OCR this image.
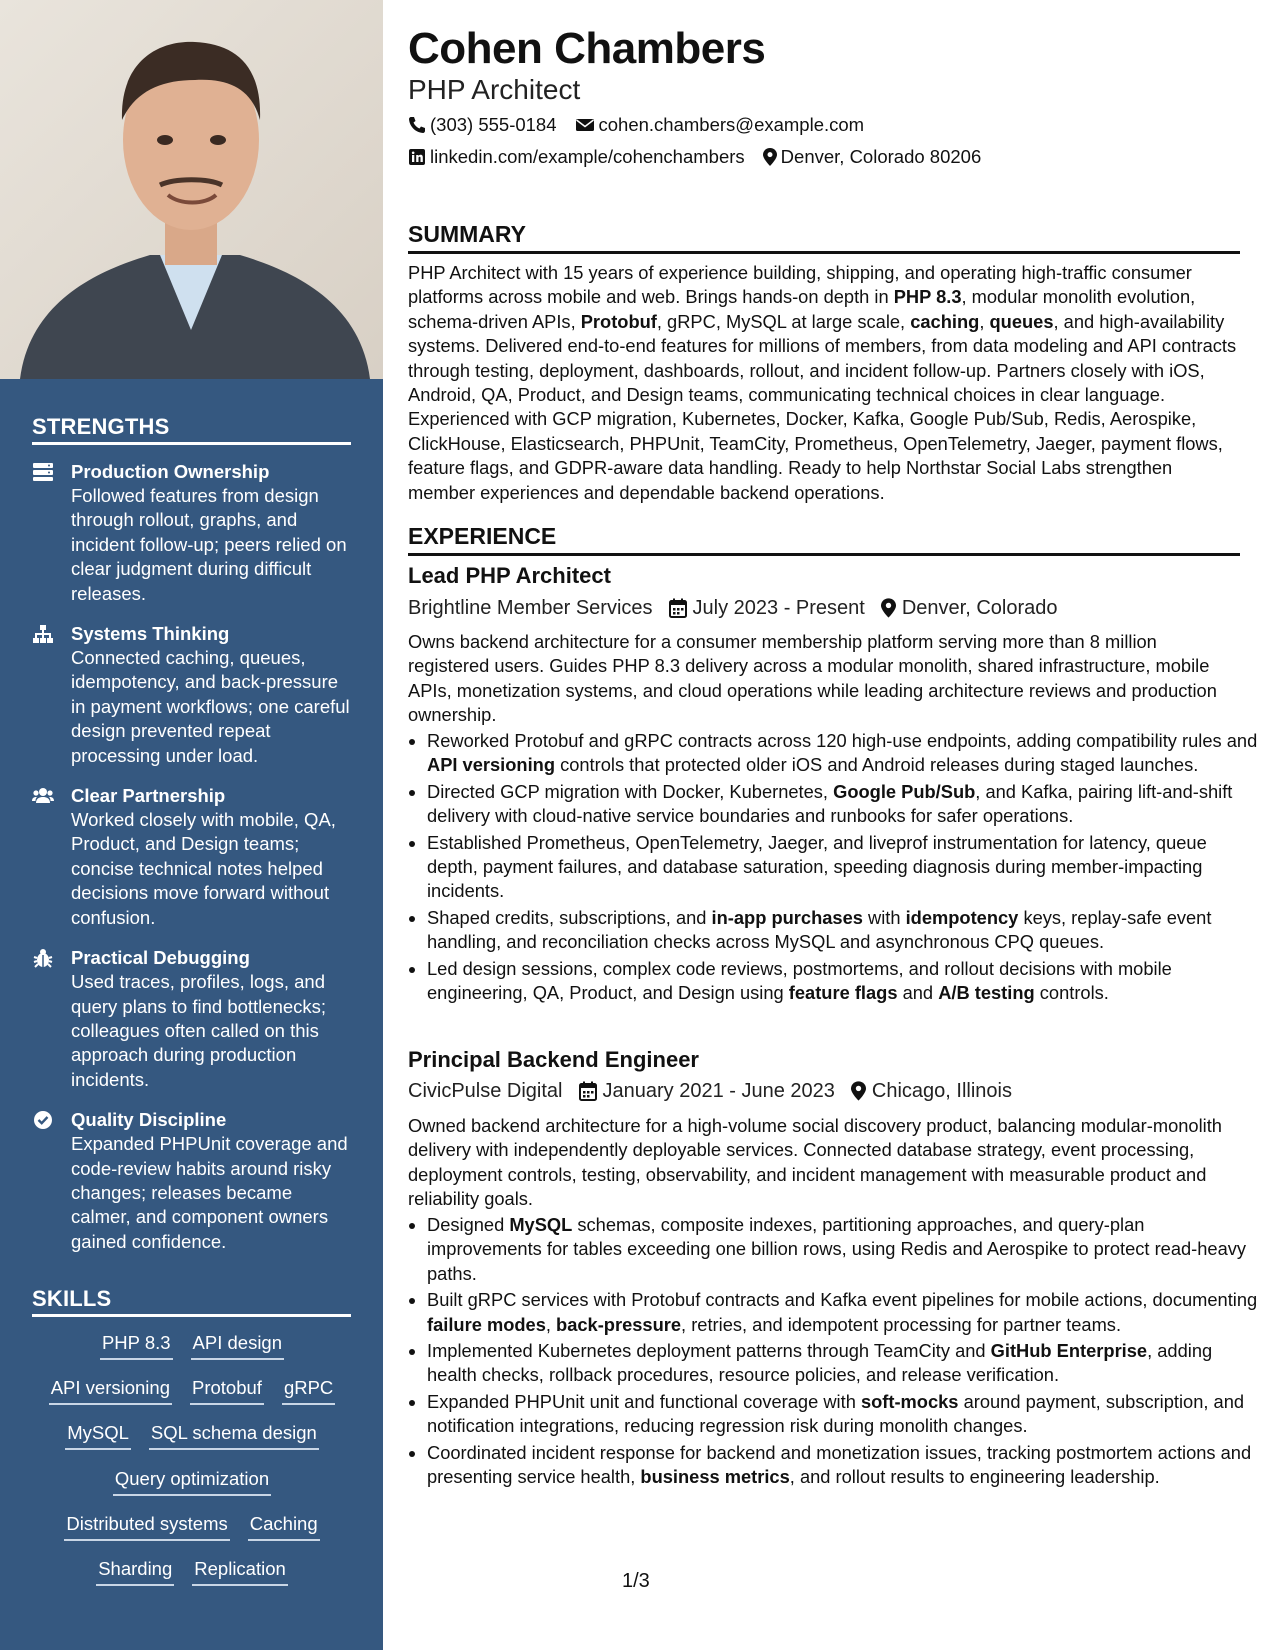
STRENGTHS
Production Ownership
Followed features from design through rollout, graphs, and incident follow-up; peers relied on clear judgment during difficult releases.
Systems Thinking
Connected caching, queues, idempotency, and back-pressure in payment workflows; one careful design prevented repeat processing under load.
Clear Partnership
Worked closely with mobile, QA, Product, and Design teams; concise technical notes helped decisions move forward without confusion.
Practical Debugging
Used traces, profiles, logs, and query plans to find bottlenecks; colleagues often called on this approach during production incidents.
Quality Discipline
Expanded PHPUnit coverage and code-review habits around risky changes; releases became calmer, and component owners gained confidence.
SKILLS
PHP 8.3 API design
API versioning Protobuf gRPC
MySQL SQL schema design
Query optimization
Distributed systems Caching
Sharding Replication
Cohen Chambers
PHP Architect
(303) 555-0184 cohen.chambers@example.com
linkedin.com/example/cohenchambers Denver, Colorado 80206
SUMMARY
PHP Architect with 15 years of experience building, shipping, and operating high-traffic consumer platforms across mobile and web. Brings hands-on depth in PHP 8.3, modular monolith evolution, schema-driven APIs, Protobuf, gRPC, MySQL at large scale, caching, queues, and high-availability systems. Delivered end-to-end features for millions of members, from data modeling and API contracts through testing, deployment, dashboards, rollout, and incident follow-up. Partners closely with iOS, Android, QA, Product, and Design teams, communicating technical choices in clear language. Experienced with GCP migration, Kubernetes, Docker, Kafka, Google Pub/Sub, Redis, Aerospike, ClickHouse, Elasticsearch, PHPUnit, TeamCity, Prometheus, OpenTelemetry, Jaeger, payment flows, feature flags, and GDPR-aware data handling. Ready to help Northstar Social Labs strengthen member experiences and dependable backend operations.
EXPERIENCE
Lead PHP Architect
Brightline Member Services July 2023 - Present Denver, Colorado
Owns backend architecture for a consumer membership platform serving more than 8 million registered users. Guides PHP 8.3 delivery across a modular monolith, shared infrastructure, mobile APIs, monetization systems, and cloud operations while leading architecture reviews and production ownership.
• Reworked Protobuf and gRPC contracts across 120 high-use endpoints, adding compatibility rules and API versioning controls that protected older iOS and Android releases during staged launches.
• Directed GCP migration with Docker, Kubernetes, Google Pub/Sub, and Kafka, pairing lift-and-shift delivery with cloud-native service boundaries and runbooks for safer operations.
• Established Prometheus, OpenTelemetry, Jaeger, and liveprof instrumentation for latency, queue depth, payment failures, and database saturation, speeding diagnosis during member-impacting incidents.
• Shaped credits, subscriptions, and in-app purchases with idempotency keys, replay-safe event handling, and reconciliation checks across MySQL and asynchronous CPQ queues.
• Led design sessions, complex code reviews, postmortems, and rollout decisions with mobile engineering, QA, Product, and Design using feature flags and A/B testing controls.
Principal Backend Engineer
CivicPulse Digital January 2021 - June 2023 Chicago, Illinois
Owned backend architecture for a high-volume social discovery product, balancing modular-monolith delivery with independently deployable services. Connected database strategy, event processing, deployment controls, testing, observability, and incident management with measurable product and reliability goals.
• Designed MySQL schemas, composite indexes, partitioning approaches, and query-plan improvements for tables exceeding one billion rows, using Redis and Aerospike to protect read-heavy paths.
• Built gRPC services with Protobuf contracts and Kafka event pipelines for mobile actions, documenting failure modes, back-pressure, retries, and idempotent processing for partner teams.
• Implemented Kubernetes deployment patterns through TeamCity and GitHub Enterprise, adding health checks, rollback procedures, resource policies, and release verification.
• Expanded PHPUnit unit and functional coverage with soft-mocks around payment, subscription, and notification integrations, reducing regression risk during monolith changes.
• Coordinated incident response for backend and monetization issues, tracking postmortem actions and presenting service health, business metrics, and rollout results to engineering leadership.
1/3
